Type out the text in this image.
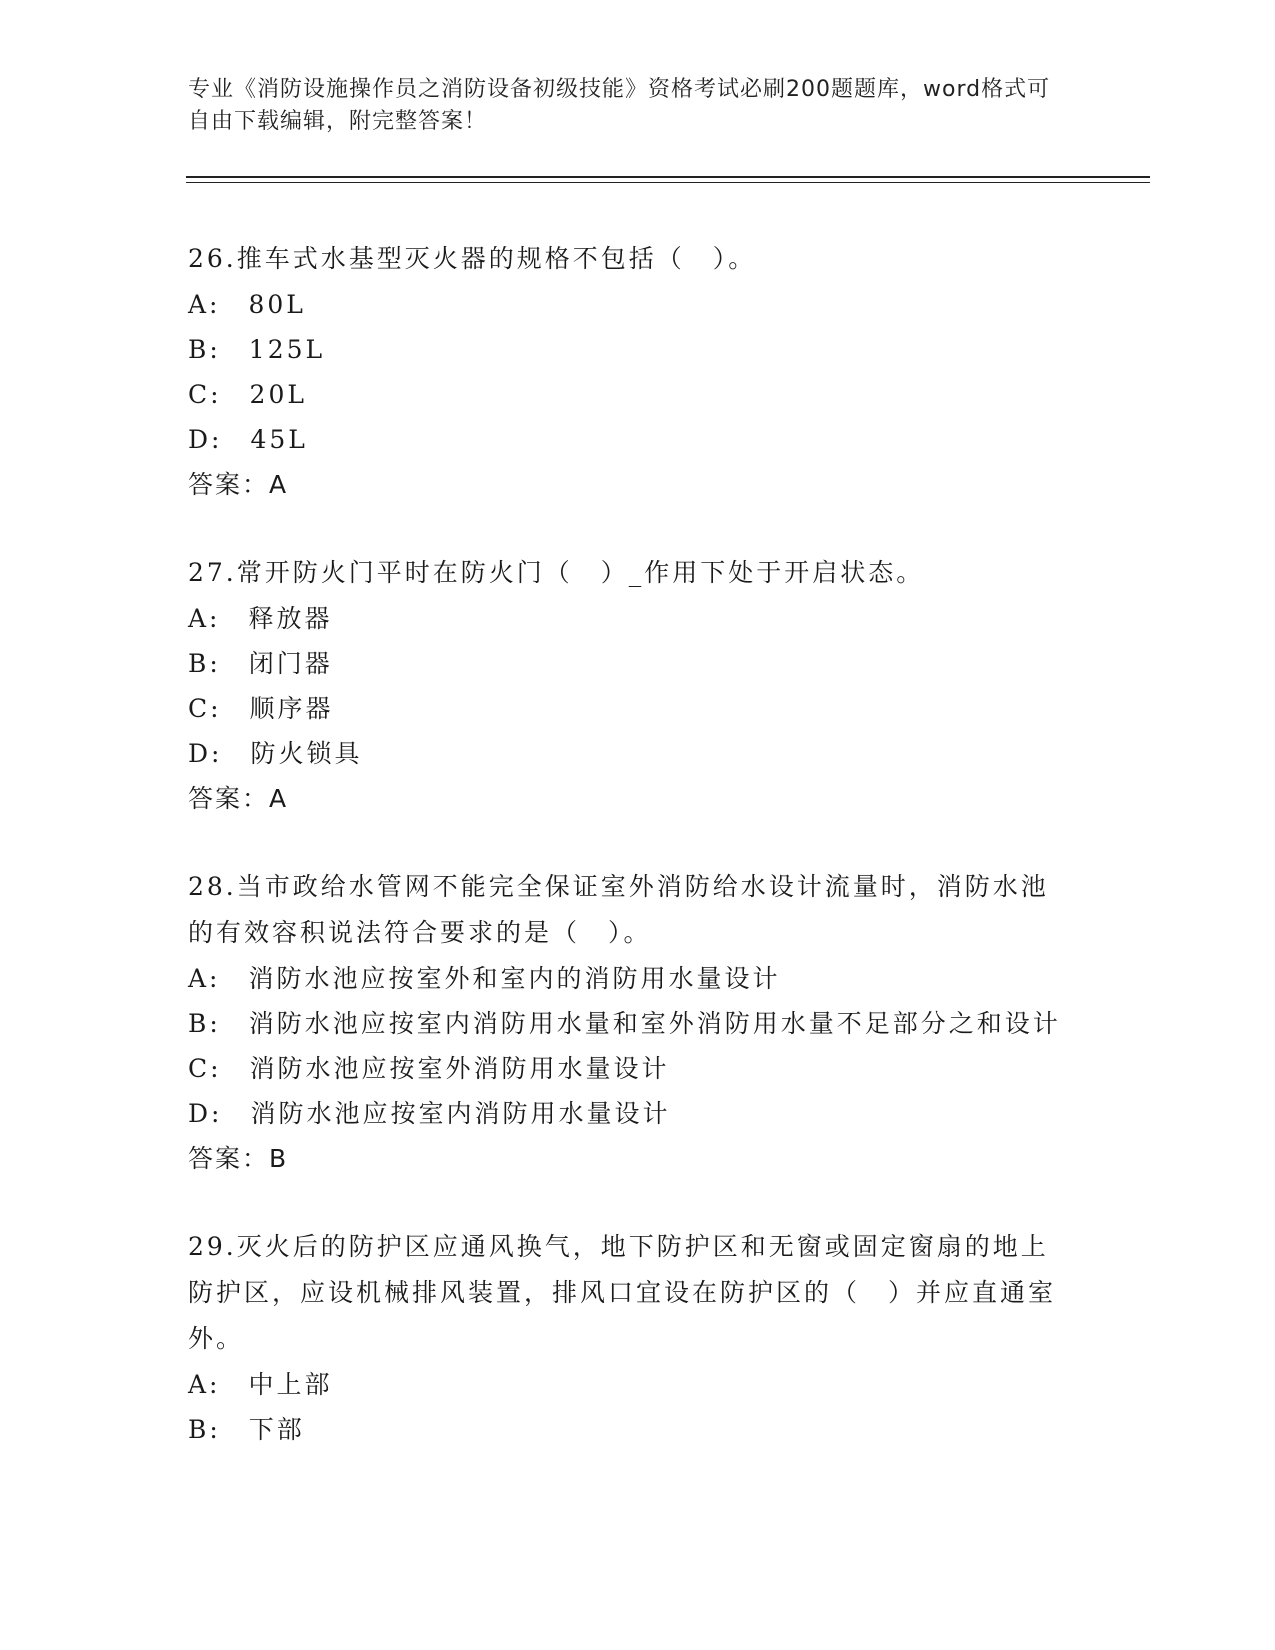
专业《消防设施操作员之消防设备初级技能》资格考试必刷200题题库，word格式可自由下载编辑，附完整答案！
26.推车式水基型灭火器的规格不包括（　）。
A:　80L
B:　125L
C:　20L
D:　45L
答案：A
27.常开防火门平时在防火门（　）_作用下处于开启状态。
A:　释放器
B:　闭门器
C:　顺序器
D:　防火锁具
答案：A
28.当市政给水管网不能完全保证室外消防给水设计流量时，消防水池的有效容积说法符合要求的是（　）。
A:　消防水池应按室外和室内的消防用水量设计
B:　消防水池应按室内消防用水量和室外消防用水量不足部分之和设计
C:　消防水池应按室外消防用水量设计
D:　消防水池应按室内消防用水量设计
答案：B
29.灭火后的防护区应通风换气，地下防护区和无窗或固定窗扇的地上防护区，应设机械排风装置，排风口宜设在防护区的（　）并应直通室外。
A:　中上部
B:　下部
